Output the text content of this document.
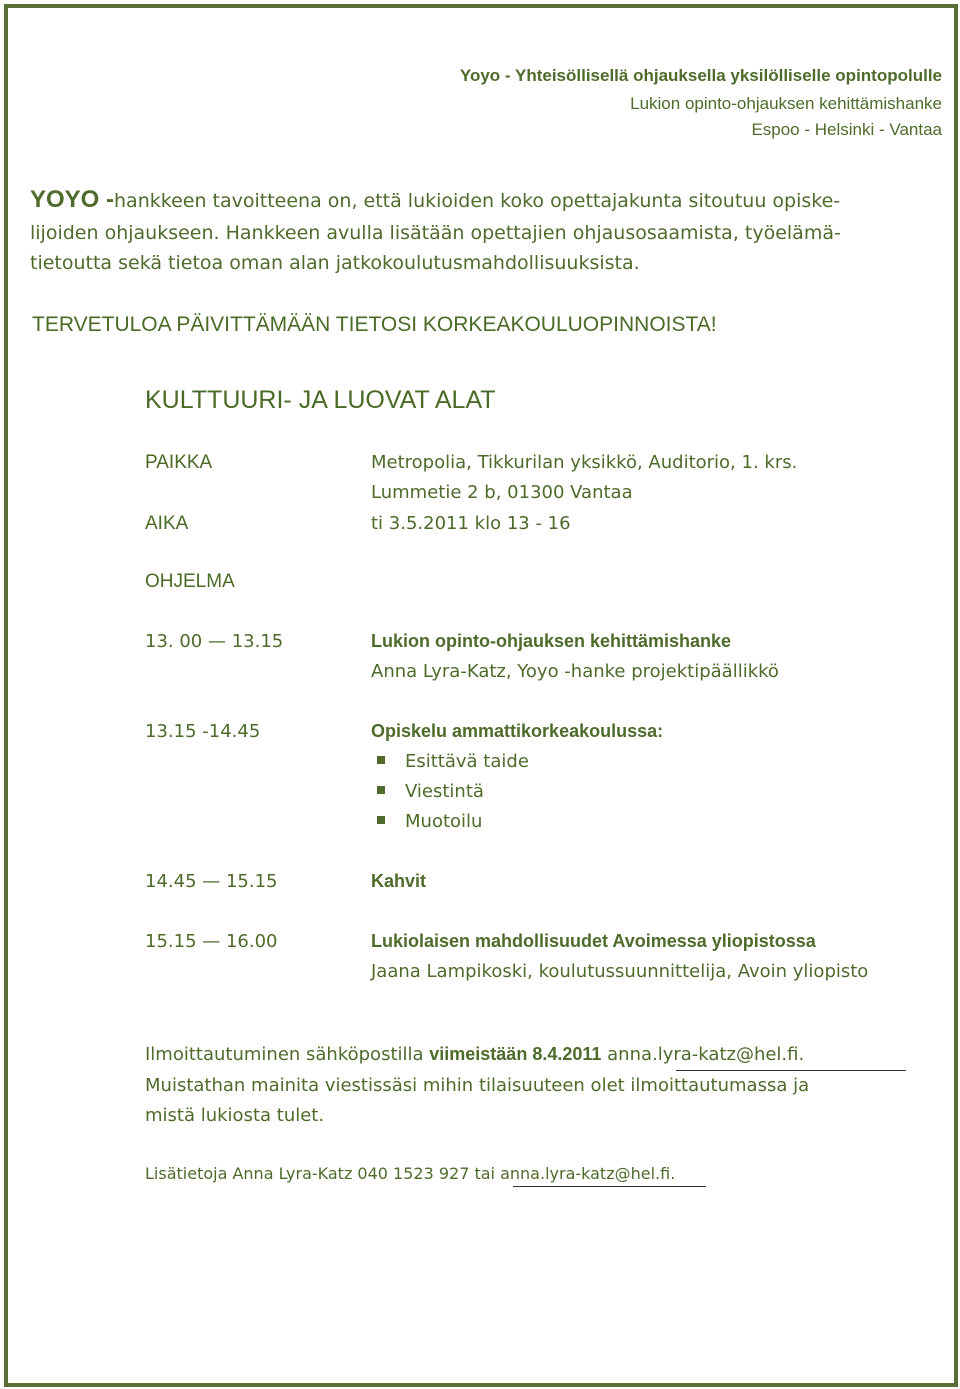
Yoyo - Yhteisöllisellä ohjauksella yksilölliselle opintopolulle
Lukion opinto-ohjauksen kehittämishanke
Espoo - Helsinki - Vantaa
YOYO -hankkeen tavoitteena on, että lukioiden koko opettajakunta sitoutuu opiske-
lijoiden ohjaukseen. Hankkeen avulla lisätään opettajien ohjausosaamista, työelämä-
tietoutta sekä tietoa oman alan jatkokoulutusmahdollisuuksista.
TERVETULOA PÄIVITTÄMÄÄN TIETOSI KORKEAKOULUOPINNOISTA!
KULTTUURI- JA LUOVAT ALAT
PAIKKA	Metropolia, Tikkurilan yksikkö, Auditorio, 1. krs.
Lummetie 2 b, 01300 Vantaa
AIKA	ti 3.5.2011 klo 13 - 16
OHJELMA
13. 00 — 13.15	Lukion opinto-ohjauksen kehittämishanke
Anna Lyra-Katz, Yoyo -hanke projektipäällikkö
13.15 -14.45	Opiskelu ammattikorkeakoulussa:
Esittävä taide
Viestintä
Muotoilu
14.45 — 15.15	Kahvit
15.15 — 16.00	Lukiolaisen mahdollisuudet Avoimessa yliopistossa
Jaana Lampikoski, koulutussuunnittelija, Avoin yliopisto
Ilmoittautuminen sähköpostilla viimeistään 8.4.2011 anna.lyra-katz@hel.fi.
Muistathan mainita viestissäsi mihin tilaisuuteen olet ilmoittautumassa ja
mistä lukiosta tulet.
Lisätietoja Anna Lyra-Katz 040 1523 927 tai anna.lyra-katz@hel.fi.
